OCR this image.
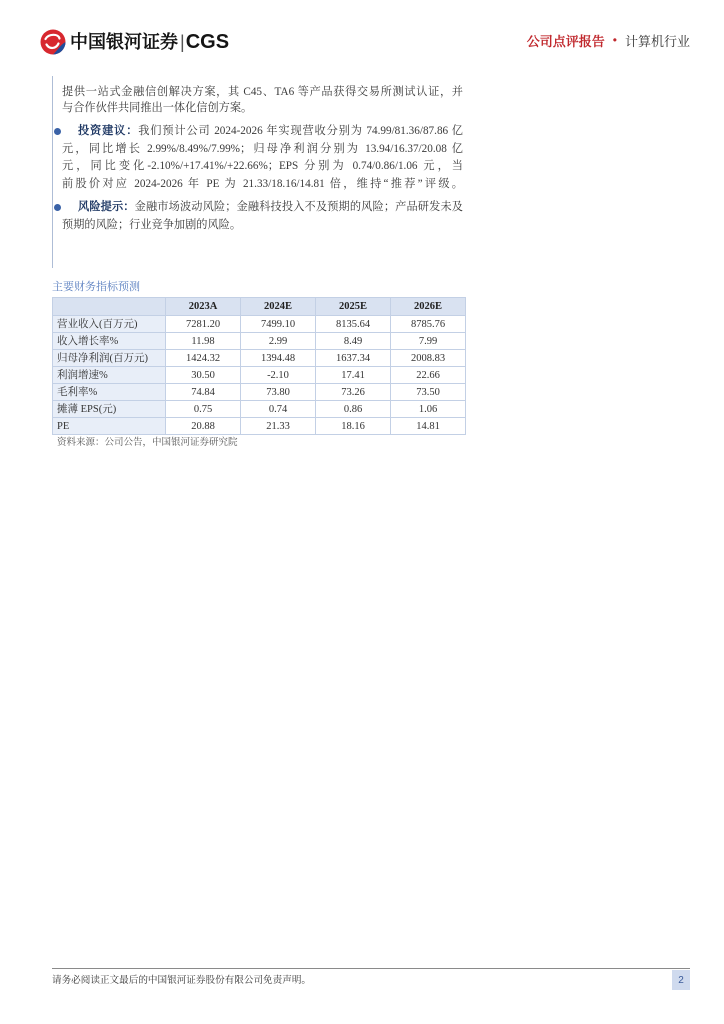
中国银河证券 | CGS	公司点评报告 • 计算机行业
提供一站式金融信创解决方案，其 C45、TA6 等产品获得交易所测试认证，并
与合作伙伴共同推出一体化信创方案。
投资建议：我们预计公司 2024-2026 年实现营收分别为 74.99/81.36/87.86 亿
元，同比增长 2.99%/8.49%/7.99%；归母净利润分别为 13.94/16.37/20.08 亿
元，同比变化-2.10%/+17.41%/+22.66%；EPS 分别为 0.74/0.86/1.06 元，当
前股价对应 2024-2026 年 PE 为 21.33/18.16/14.81 倍，维持“推荐”评级。
风险提示：金融市场波动风险；金融科技投入不及预期的风险；产品研发未及
预期的风险；行业竞争加剧的风险。
主要财务指标预测
	2023A	2024E	2025E	2026E
营业收入(百万元)	7281.20	7499.10	8135.64	8785.76
收入增长率%	11.98	2.99	8.49	7.99
归母净利润(百万元)	1424.32	1394.48	1637.34	2008.83
利润增速%	30.50	-2.10	17.41	22.66
毛利率%	74.84	73.80	73.26	73.50
摊薄 EPS(元)	0.75	0.74	0.86	1.06
PE	20.88	21.33	18.16	14.81
资料来源：公司公告，中国银河证券研究院
请务必阅读正文最后的中国银河证券股份有限公司免责声明。	2
